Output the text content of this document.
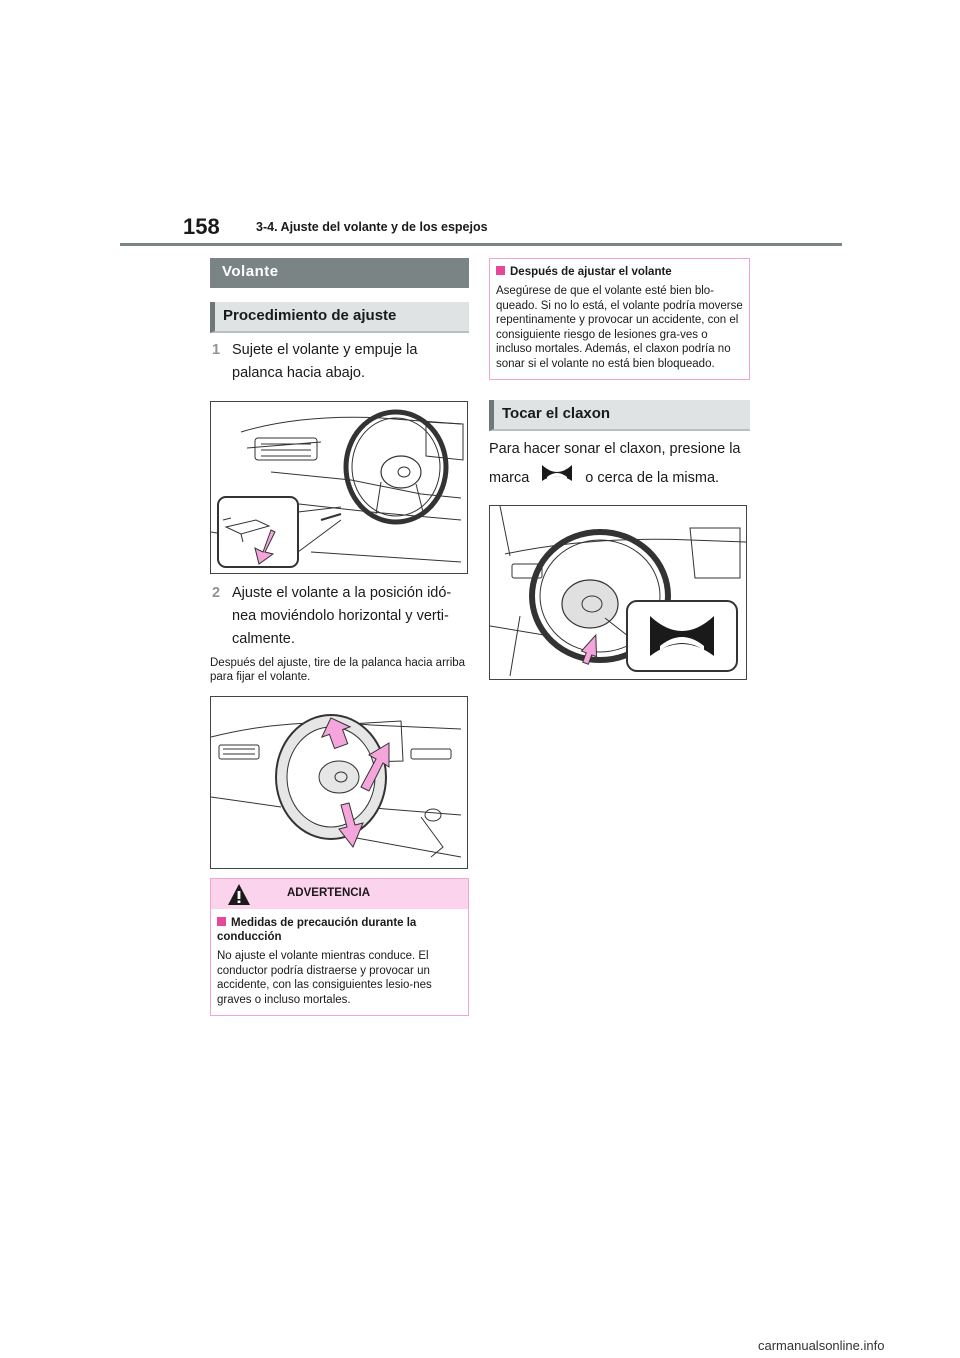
158	3-4. Ajuste del volante y de los espejos
Volante
Procedimiento de ajuste
1 Sujete el volante y empuje la palanca hacia abajo.
2 Ajuste el volante a la posición idó-nea moviéndolo horizontal y verti-calmente.
Después del ajuste, tire de la palanca hacia arriba para fijar el volante.
ADVERTENCIA
Medidas de precaución durante la conducción
No ajuste el volante mientras conduce. El conductor podría distraerse y provocar un accidente, con las consiguientes lesio-nes graves o incluso mortales.
Después de ajustar el volante
Asegúrese de que el volante esté bien blo-queado. Si no lo está, el volante podría moverse repentinamente y provocar un accidente, con el consiguiente riesgo de lesiones gra-ves o incluso mortales. Además, el claxon podría no sonar si el volante no está bien bloqueado.
Tocar el claxon
Para hacer sonar el claxon, presione la marca	o cerca de la misma.
carmanualsonline.info
